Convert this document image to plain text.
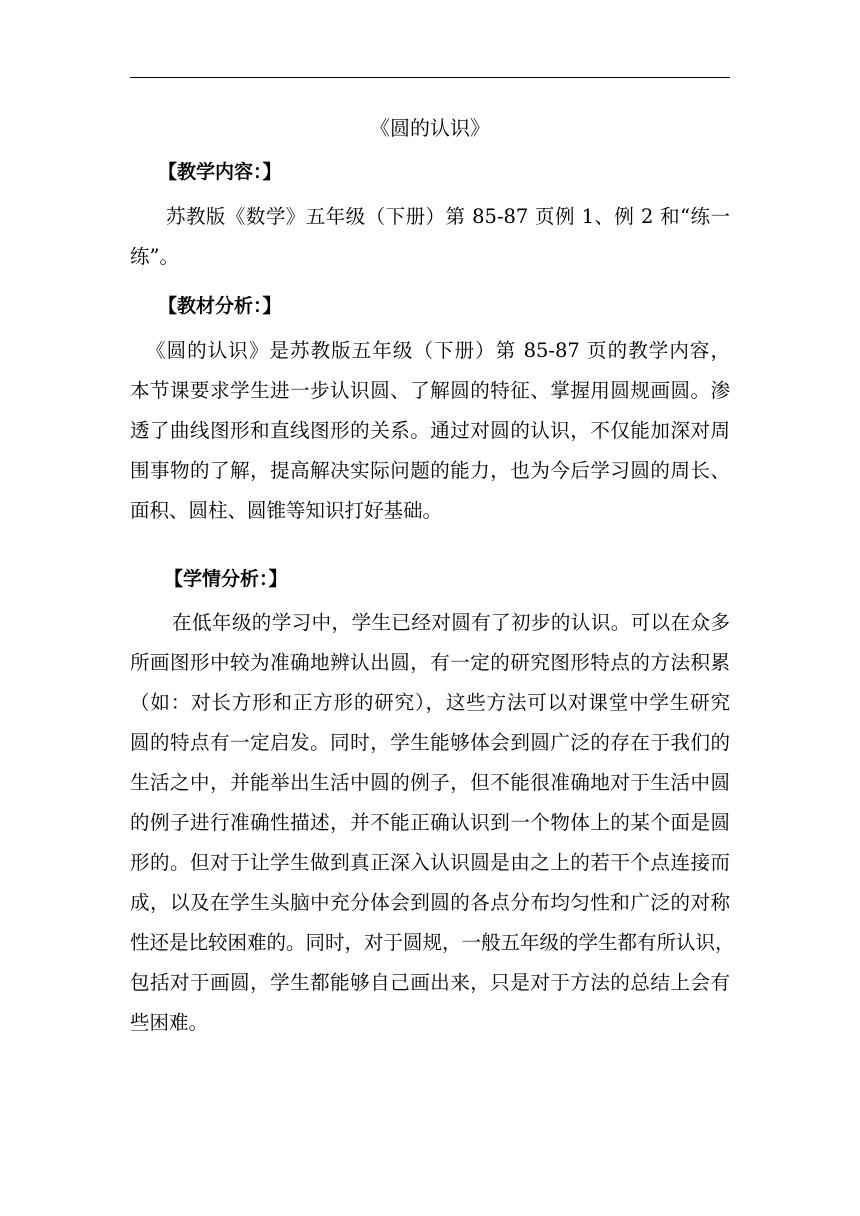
《圆的认识》
【教学内容：】
苏教版《数学》五年级（下册）第 85-87 页例 1、例 2 和“练一
练”。
【教材分析：】
《圆的认识》是苏教版五年级（下册）第 85-87 页的教学内容，
本节课要求学生进一步认识圆、了解圆的特征、掌握用圆规画圆。渗
透了曲线图形和直线图形的关系。通过对圆的认识，不仅能加深对周
围事物的了解，提高解决实际问题的能力，也为今后学习圆的周长、
面积、圆柱、圆锥等知识打好基础。
【学情分析：】
在低年级的学习中，学生已经对圆有了初步的认识。可以在众多
所画图形中较为准确地辨认出圆，有一定的研究图形特点的方法积累
（如：对长方形和正方形的研究），这些方法可以对课堂中学生研究
圆的特点有一定启发。同时，学生能够体会到圆广泛的存在于我们的
生活之中，并能举出生活中圆的例子，但不能很准确地对于生活中圆
的例子进行准确性描述，并不能正确认识到一个物体上的某个面是圆
形的。但对于让学生做到真正深入认识圆是由之上的若干个点连接而
成，以及在学生头脑中充分体会到圆的各点分布均匀性和广泛的对称
性还是比较困难的。同时，对于圆规，一般五年级的学生都有所认识，
包括对于画圆，学生都能够自己画出来，只是对于方法的总结上会有
些困难。
